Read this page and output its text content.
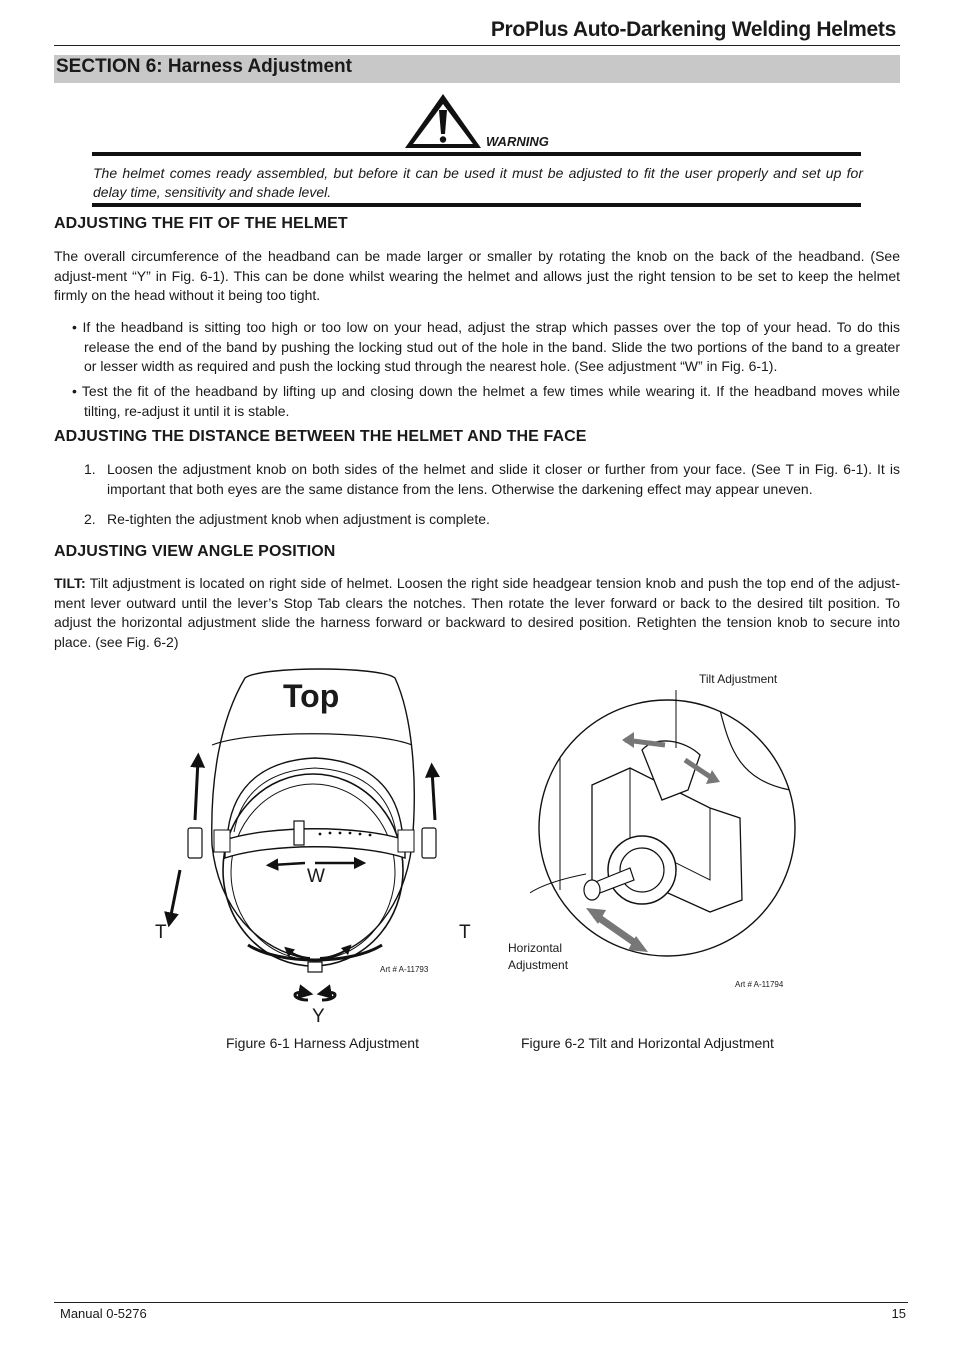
ProPlus Auto-Darkening Welding Helmets
SECTION 6: Harness Adjustment
WARNING
The helmet comes ready assembled, but before it can be used it must be adjusted to fit the user properly and set up for delay time, sensitivity and shade level.
ADJUSTING THE FIT OF THE HELMET
The overall circumference of the headband can be made larger or smaller by rotating the knob on the back of the headband. (See adjust-ment “Y” in Fig. 6-1). This can be done whilst wearing the helmet and allows just the right tension to be set to keep the helmet firmly on the head without it being too tight.
• If the headband is sitting too high or too low on your head, adjust the strap which passes over the top of your head. To do this release the end of the band by pushing the locking stud out of the hole in the band. Slide the two portions of the band to a greater or lesser width as required and push the locking stud through the nearest hole. (See adjustment “W” in Fig. 6-1).
• Test the fit of the headband by lifting up and closing down the helmet a few times while wearing it. If the headband moves while tilting, re-adjust it until it is stable.
ADJUSTING THE DISTANCE BETWEEN THE HELMET AND THE FACE
1. Loosen the adjustment knob on both sides of the helmet and slide it closer or further from your face. (See T in Fig. 6-1). It is important that both eyes are the same distance from the lens. Otherwise the darkening effect may appear uneven.
2. Re-tighten the adjustment knob when adjustment is complete.
ADJUSTING VIEW ANGLE POSITION
TILT: Tilt adjustment is located on right side of helmet. Loosen the right side headgear tension knob and push the top end of the adjust-ment lever outward until the lever’s Stop Tab clears the notches. Then rotate the lever forward or back to the desired tilt position. To adjust the horizontal adjustment slide the harness forward or backward to desired position. Retighten the tension knob to secure into place. (see Fig. 6-2)
Top
W
T	T
Y
Art # A-11793
Figure 6-1 Harness Adjustment
Tilt Adjustment
Horizontal
Adjustment
Art # A-11794
Figure 6-2 Tilt and Horizontal Adjustment
Manual 0-5276	15
